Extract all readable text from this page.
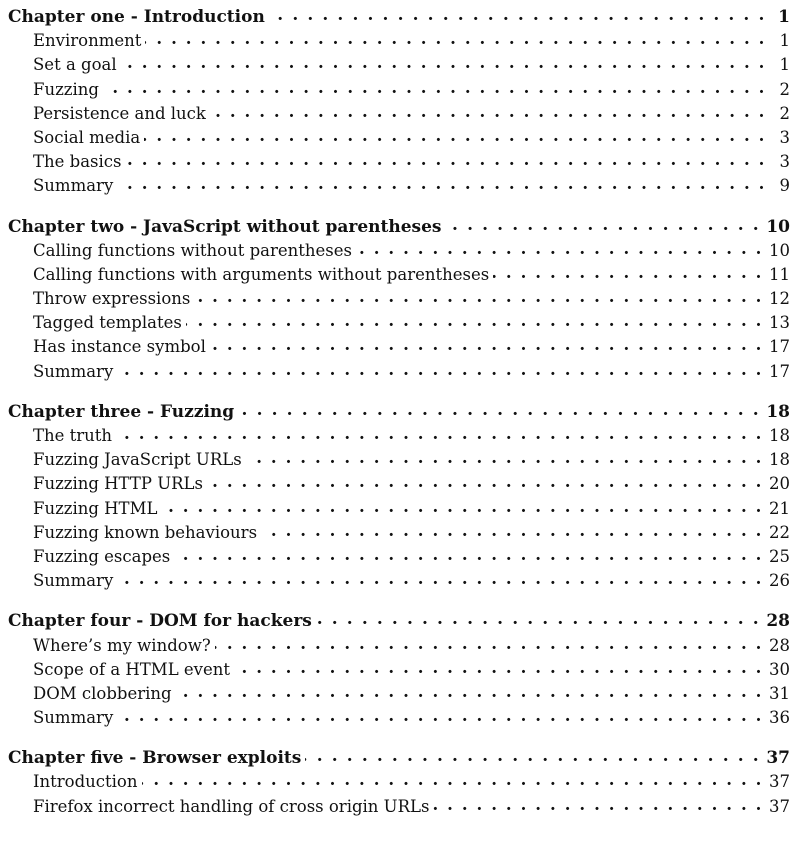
Chapter one - Introduction . . .	1
Environment . . .	1
Set a goal . . .	1
Fuzzing . . .	2
Persistence and luck . . .	2
Social media . . .	3
The basics . . .	3
Summary . . .	9
Chapter two - JavaScript without parentheses . . .	10
Calling functions without parentheses . . .	10
Calling functions with arguments without parentheses . . .	11
Throw expressions . . .	12
Tagged templates . . .	13
Has instance symbol . . .	17
Summary . . .	17
Chapter three - Fuzzing . . .	18
The truth . . .	18
Fuzzing JavaScript URLs . . .	18
Fuzzing HTTP URLs . . .	20
Fuzzing HTML . . .	21
Fuzzing known behaviours . . .	22
Fuzzing escapes . . .	25
Summary . . .	26
Chapter four - DOM for hackers . . .	28
Where’s my window? . . .	28
Scope of a HTML event . . .	30
DOM clobbering . . .	31
Summary . . .	36
Chapter five - Browser exploits . . .	37
Introduction . . .	37
Firefox incorrect handling of cross origin URLs . . .	37
